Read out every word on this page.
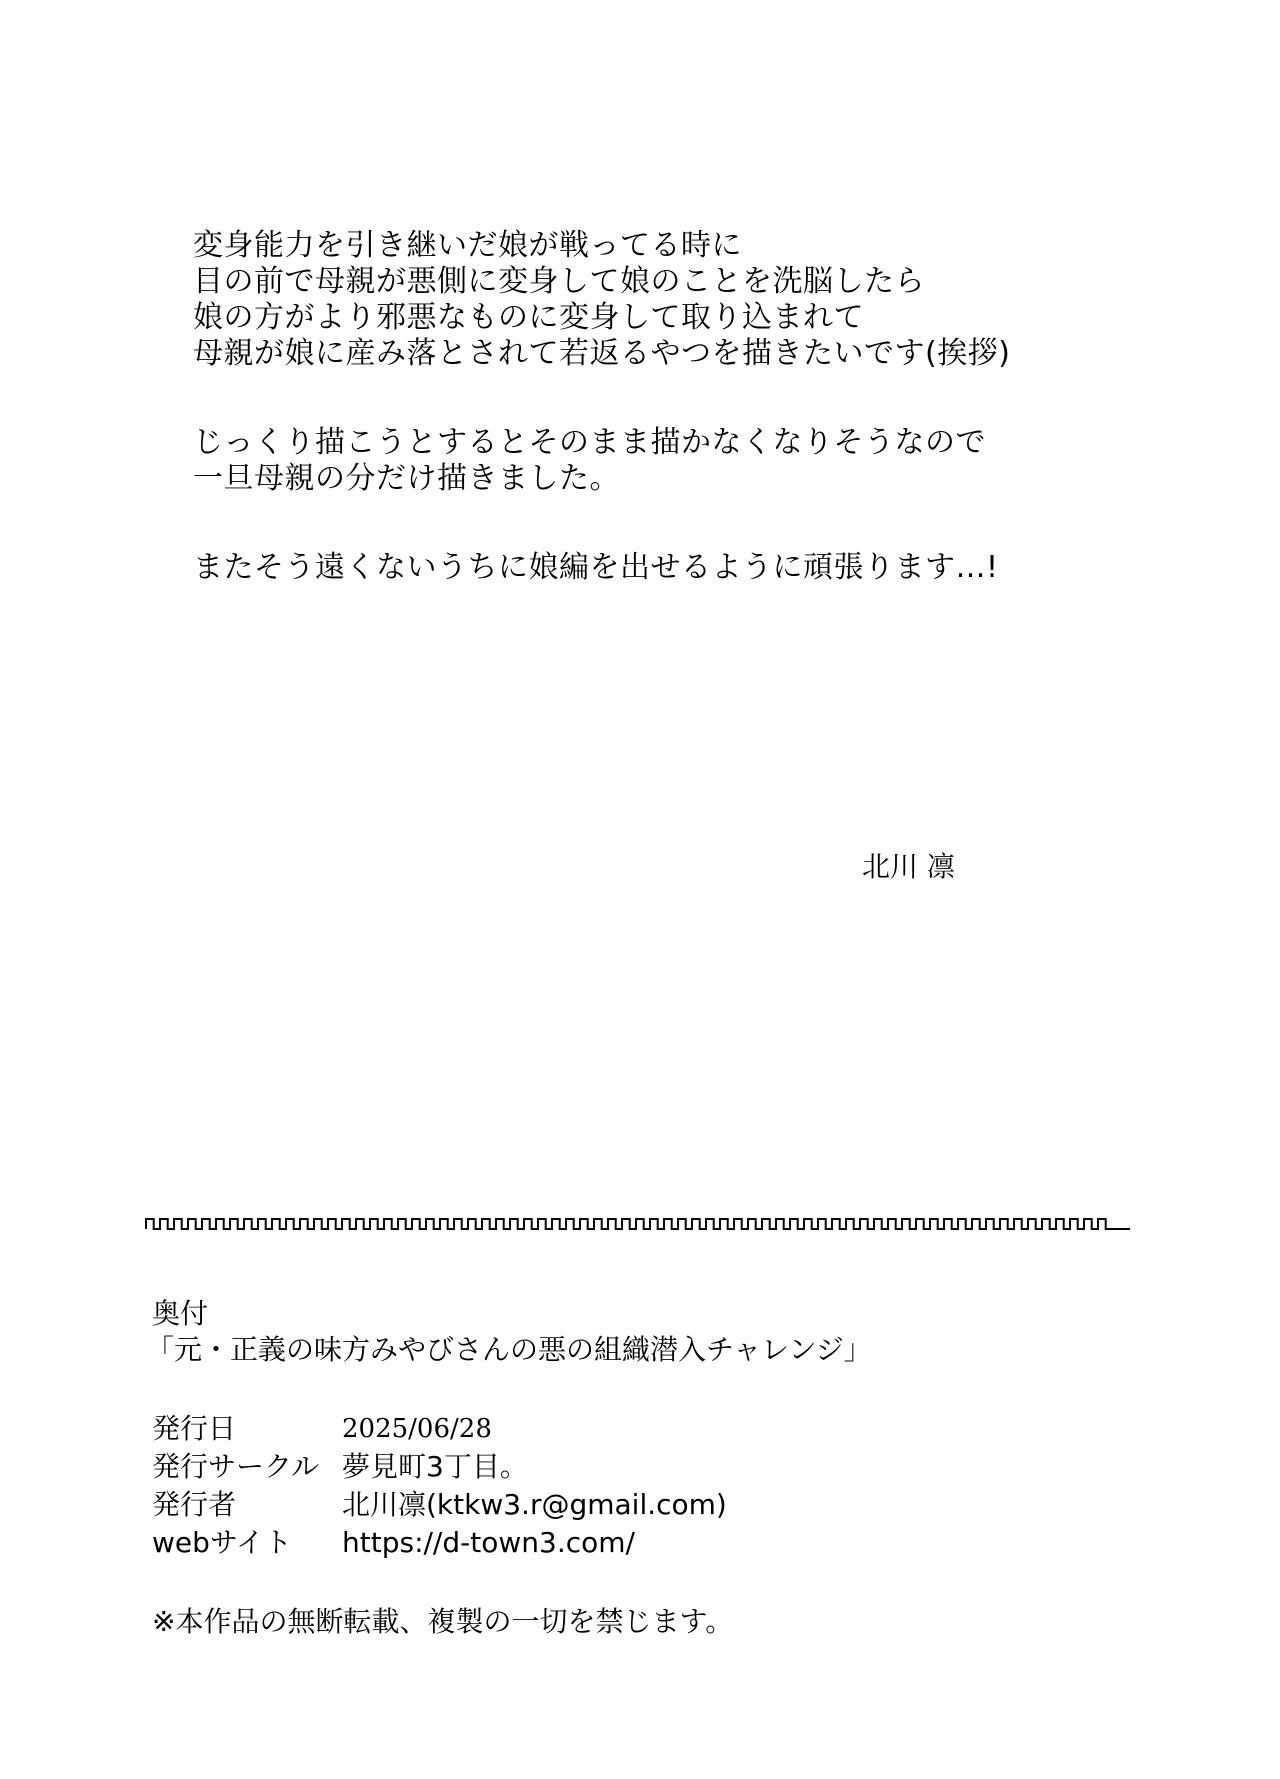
変身能力を引き継いだ娘が戦ってる時に
目の前で母親が悪側に変身して娘のことを洗脳したら
娘の方がより邪悪なものに変身して取り込まれて
母親が娘に産み落とされて若返るやつを描きたいです(挨拶)
じっくり描こうとするとそのまま描かなくなりそうなので
一旦母親の分だけ描きました。
またそう遠くないうちに娘編を出せるように頑張ります…!
北川 凛
奥付
「元・正義の味方みやびさんの悪の組織潜入チャレンジ」
発行日	2025/06/28
発行サークル 夢見町3丁目。
発行者	北川凛(ktkw3.r@gmail.com)
webサイト	https://d-town3.com/
※本作品の無断転載、複製の一切を禁じます。
